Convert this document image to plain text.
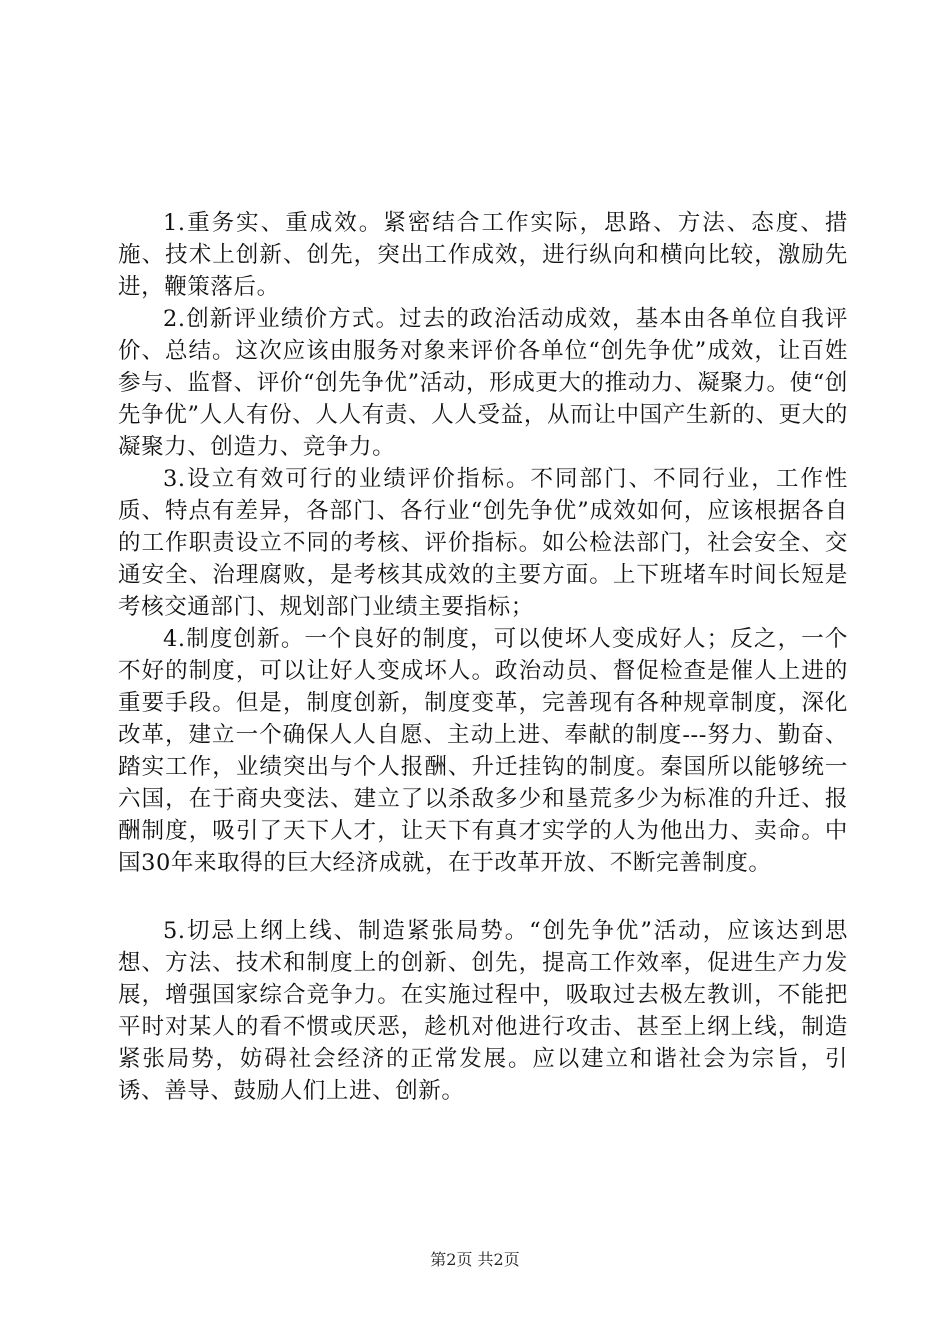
1.重务实、重成效。紧密结合工作实际，思路、方法、态度、措施、技术上创新、创先，突出工作成效，进行纵向和横向比较，激励先进，鞭策落后。

2.创新评业绩价方式。过去的政治活动成效，基本由各单位自我评价、总结。这次应该由服务对象来评价各单位“创先争优”成效，让百姓参与、监督、评价“创先争优”活动，形成更大的推动力、凝聚力。使“创先争优”人人有份、人人有责、人人受益，从而让中国产生新的、更大的凝聚力、创造力、竞争力。

3.设立有效可行的业绩评价指标。不同部门、不同行业，工作性质、特点有差异，各部门、各行业“创先争优”成效如何，应该根据各自的工作职责设立不同的考核、评价指标。如公检法部门，社会安全、交通安全、治理腐败，是考核其成效的主要方面。上下班堵车时间长短是考核交通部门、规划部门业绩主要指标；

4.制度创新。一个良好的制度，可以使坏人变成好人；反之，一个不好的制度，可以让好人变成坏人。政治动员、督促检查是催人上进的重要手段。但是，制度创新，制度变革，完善现有各种规章制度，深化改革，建立一个确保人人自愿、主动上进、奉献的制度---努力、勤奋、踏实工作，业绩突出与个人报酬、升迁挂钩的制度。秦国所以能够统一六国，在于商央变法、建立了以杀敌多少和垦荒多少为标准的升迁、报酬制度，吸引了天下人才，让天下有真才实学的人为他出力、卖命。中国30年来取得的巨大经济成就，在于改革开放、不断完善制度。

5.切忌上纲上线、制造紧张局势。“创先争优”活动，应该达到思想、方法、技术和制度上的创新、创先，提高工作效率，促进生产力发展，增强国家综合竞争力。在实施过程中，吸取过去极左教训，不能把平时对某人的看不惯或厌恶，趁机对他进行攻击、甚至上纲上线，制造紧张局势，妨碍社会经济的正常发展。应以建立和谐社会为宗旨，引诱、善导、鼓励人们上进、创新。

第2页 共2页
